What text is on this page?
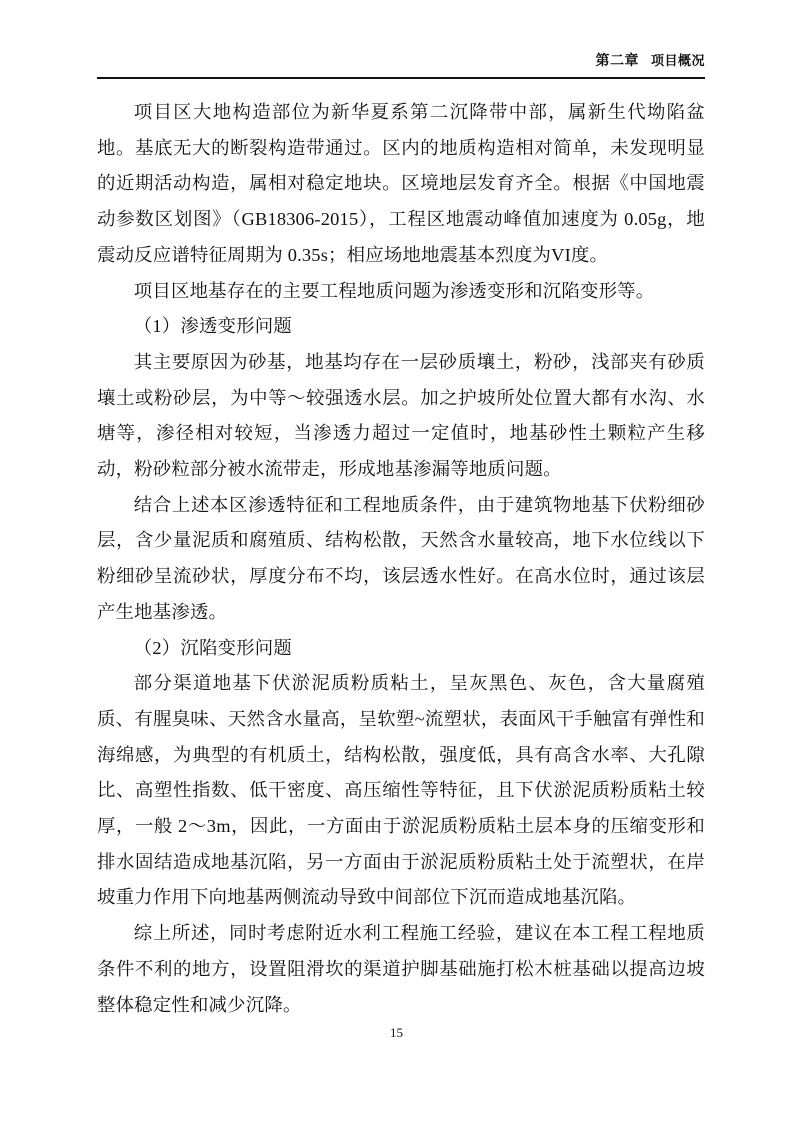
第二章 项目概况

项目区大地构造部位为新华夏系第二沉降带中部，属新生代坳陷盆地。基底无大的断裂构造带通过。区内的地质构造相对简单，未发现明显的近期活动构造，属相对稳定地块。区境地层发育齐全。根据《中国地震动参数区划图》（GB18306-2015），工程区地震动峰值加速度为 0.05g，地震动反应谱特征周期为 0.35s；相应场地地震基本烈度为VI度。

项目区地基存在的主要工程地质问题为渗透变形和沉陷变形等。

（1）渗透变形问题

其主要原因为砂基，地基均存在一层砂质壤土，粉砂，浅部夹有砂质壤土或粉砂层，为中等～较强透水层。加之护坡所处位置大都有水沟、水塘等，渗径相对较短，当渗透力超过一定值时，地基砂性土颗粒产生移动，粉砂粒部分被水流带走，形成地基渗漏等地质问题。

结合上述本区渗透特征和工程地质条件，由于建筑物地基下伏粉细砂层，含少量泥质和腐殖质、结构松散，天然含水量较高，地下水位线以下粉细砂呈流砂状，厚度分布不均，该层透水性好。在高水位时，通过该层产生地基渗透。

（2）沉陷变形问题

部分渠道地基下伏淤泥质粉质粘土，呈灰黑色、灰色，含大量腐殖质、有腥臭味、天然含水量高，呈软塑~流塑状，表面风干手触富有弹性和海绵感，为典型的有机质土，结构松散，强度低，具有高含水率、大孔隙比、高塑性指数、低干密度、高压缩性等特征，且下伏淤泥质粉质粘土较厚，一般 2～3m，因此，一方面由于淤泥质粉质粘土层本身的压缩变形和排水固结造成地基沉陷，另一方面由于淤泥质粉质粘土处于流塑状，在岸坡重力作用下向地基两侧流动导致中间部位下沉而造成地基沉陷。

综上所述，同时考虑附近水利工程施工经验，建议在本工程工程地质条件不利的地方，设置阻滑坎的渠道护脚基础施打松木桩基础以提高边坡整体稳定性和减少沉降。

15
